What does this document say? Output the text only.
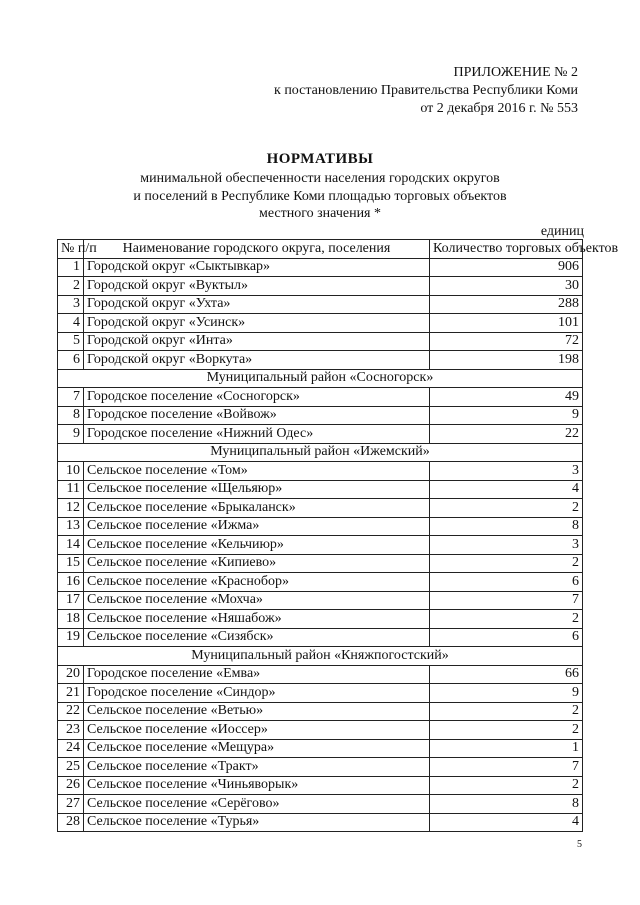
ПРИЛОЖЕНИЕ № 2
к постановлению Правительства Республики Коми
от 2 декабря 2016 г. № 553
НОРМАТИВЫ
минимальной обеспеченности населения городских округов
и поселений в Республике Коми площадью торговых объектов
местного значения *
единиц
№ п/п	Наименование городского округа, поселения	Количество торговых объектов
1	Городской округ «Сыктывкар»	906
2	Городской округ «Вуктыл»	30
3	Городской округ «Ухта»	288
4	Городской округ «Усинск»	101
5	Городской округ «Инта»	72
6	Городской округ «Воркута»	198
Муниципальный район «Сосногорск»		
7	Городское поселение «Сосногорск»	49
8	Городское поселение «Войвож»	9
9	Городское поселение «Нижний Одес»	22
Муниципальный район «Ижемский»		
10	Сельское поселение «Том»	3
11	Сельское поселение «Щельяюр»	4
12	Сельское поселение «Брыкаланск»	2
13	Сельское поселение «Ижма»	8
14	Сельское поселение «Кельчиюр»	3
15	Сельское поселение «Кипиево»	2
16	Сельское поселение «Краснобор»	6
17	Сельское поселение «Мохча»	7
18	Сельское поселение «Няшабож»	2
19	Сельское поселение «Сизябск»	6
Муниципальный район «Княжпогостский»		
20	Городское поселение «Емва»	66
21	Городское поселение «Синдор»	9
22	Сельское поселение «Ветью»	2
23	Сельское поселение «Иоссер»	2
24	Сельское поселение «Мещура»	1
25	Сельское поселение «Тракт»	7
26	Сельское поселение «Чиньяворык»	2
27	Сельское поселение «Серёгово»	8
28	Сельское поселение «Турья»	4
5
